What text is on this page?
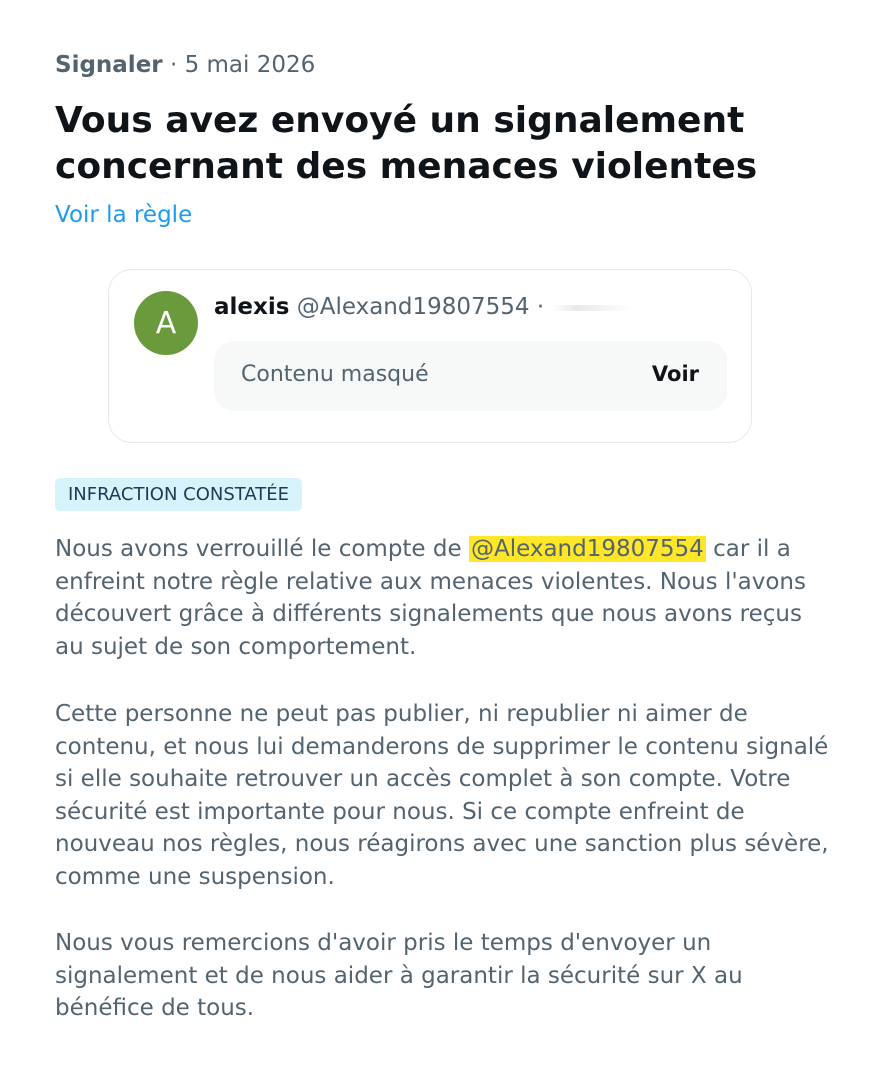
Signaler · 5 mai 2026
Vous avez envoyé un signalement concernant des menaces violentes
Voir la règle
A alexis @Alexand19807554 ·
Contenu masqué	Voir
INFRACTION CONSTATÉE

Nous avons verrouillé le compte de @Alexand19807554 car il a enfreint notre règle relative aux menaces violentes. Nous l'avons découvert grâce à différents signalements que nous avons reçus au sujet de son comportement.

Cette personne ne peut pas publier, ni republier ni aimer de contenu, et nous lui demanderons de supprimer le contenu signalé si elle souhaite retrouver un accès complet à son compte. Votre sécurité est importante pour nous. Si ce compte enfreint de nouveau nos règles, nous réagirons avec une sanction plus sévère, comme une suspension.

Nous vous remercions d'avoir pris le temps d'envoyer un signalement et de nous aider à garantir la sécurité sur X au bénéfice de tous.
